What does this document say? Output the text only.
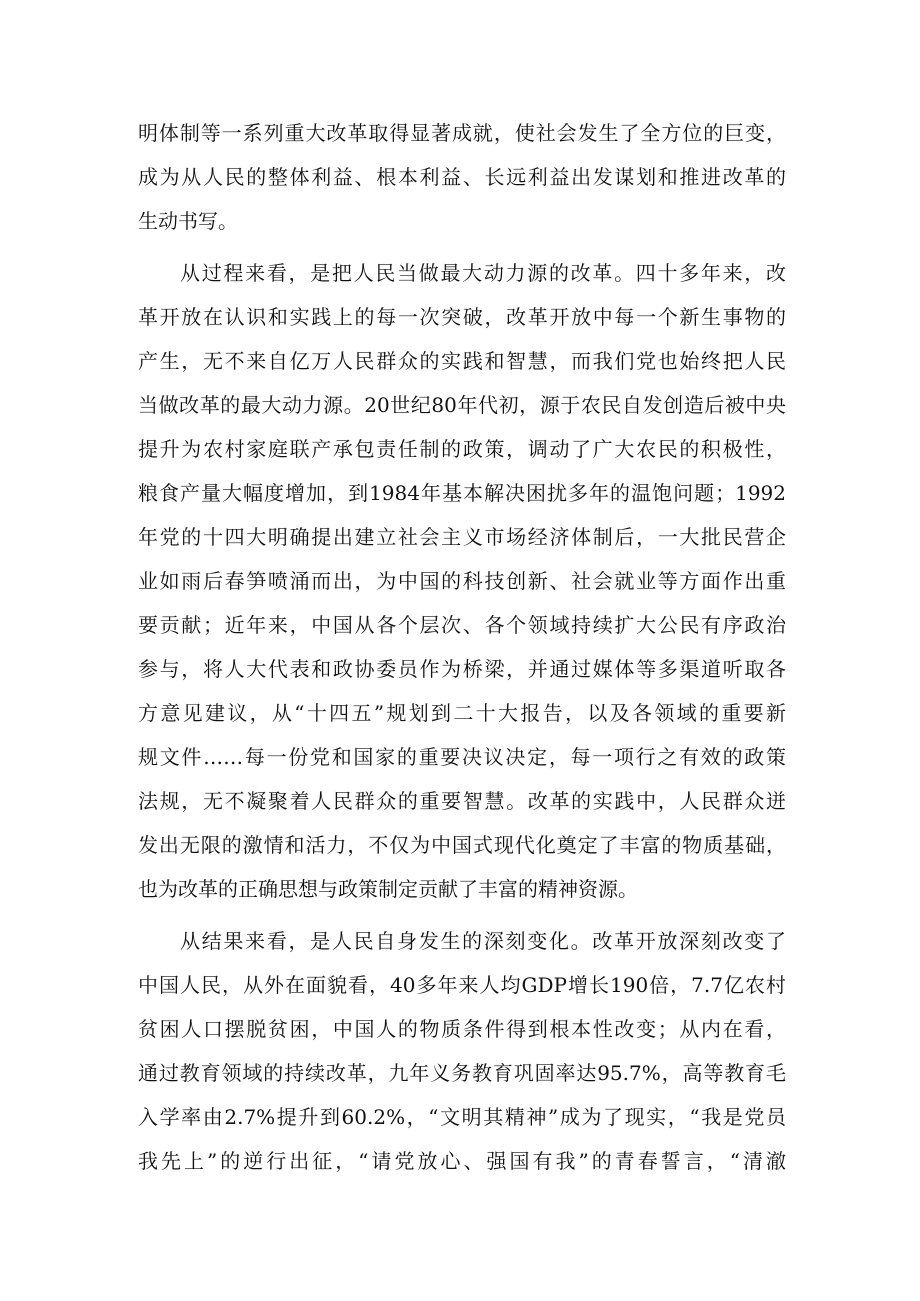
明体制等一系列重大改革取得显著成就，使社会发生了全方位的巨变，
成为从人民的整体利益、根本利益、长远利益出发谋划和推进改革的
生动书写。
从过程来看，是把人民当做最大动力源的改革。四十多年来，改
革开放在认识和实践上的每一次突破，改革开放中每一个新生事物的
产生，无不来自亿万人民群众的实践和智慧，而我们党也始终把人民
当做改革的最大动力源。20世纪80年代初，源于农民自发创造后被中央
提升为农村家庭联产承包责任制的政策，调动了广大农民的积极性，
粮食产量大幅度增加，到1984年基本解决困扰多年的温饱问题；1992
年党的十四大明确提出建立社会主义市场经济体制后，一大批民营企
业如雨后春笋喷涌而出，为中国的科技创新、社会就业等方面作出重
要贡献；近年来，中国从各个层次、各个领域持续扩大公民有序政治
参与，将人大代表和政协委员作为桥梁，并通过媒体等多渠道听取各
方意见建议，从“十四五”规划到二十大报告，以及各领域的重要新
规文件……每一份党和国家的重要决议决定，每一项行之有效的政策
法规，无不凝聚着人民群众的重要智慧。改革的实践中，人民群众迸
发出无限的激情和活力，不仅为中国式现代化奠定了丰富的物质基础，
也为改革的正确思想与政策制定贡献了丰富的精神资源。
从结果来看，是人民自身发生的深刻变化。改革开放深刻改变了
中国人民，从外在面貌看，40多年来人均GDP增长190倍，7.7亿农村
贫困人口摆脱贫困，中国人的物质条件得到根本性改变；从内在看，
通过教育领域的持续改革，九年义务教育巩固率达95.7%，高等教育毛
入学率由2.7%提升到60.2%，“文明其精神”成为了现实，“我是党员
我先上”的逆行出征，“请党放心、强国有我”的青春誓言，“清澈
